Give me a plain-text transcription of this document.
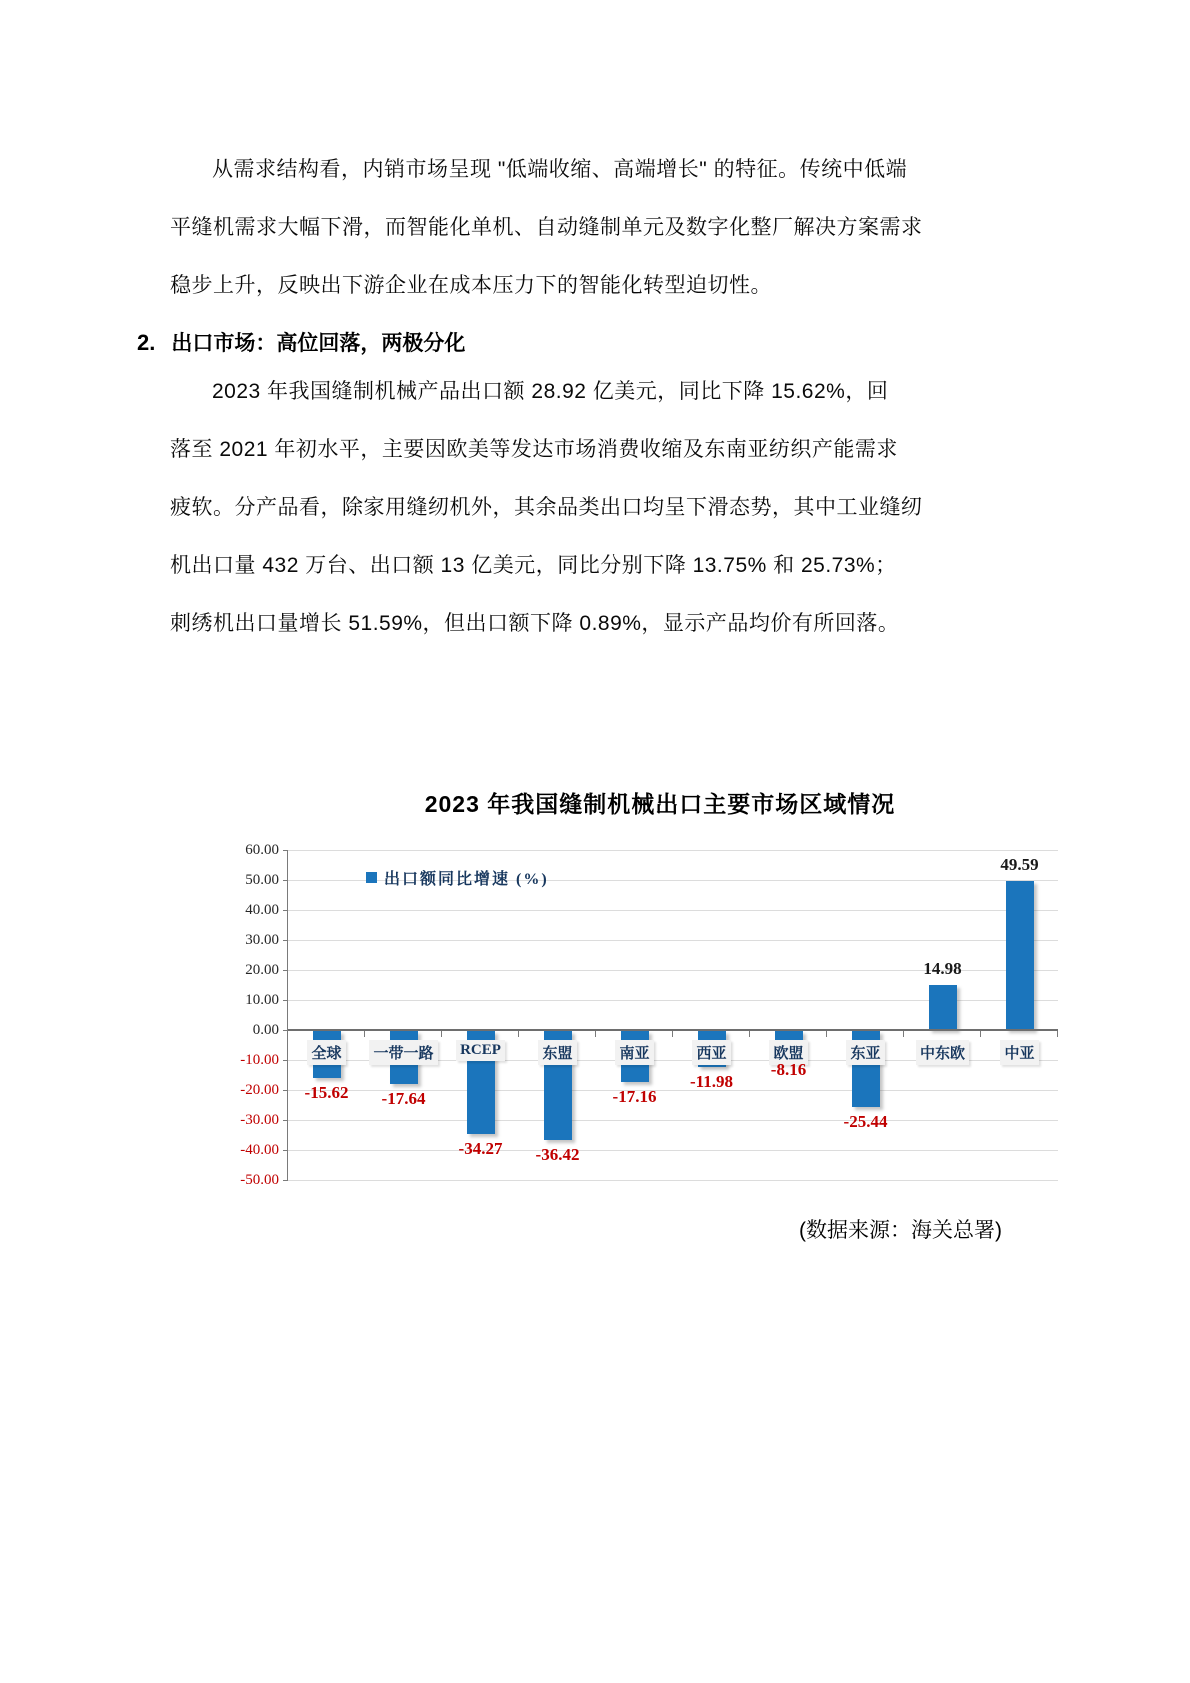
从需求结构看，内销市场呈现 "低端收缩、高端增长" 的特征。传统中低端
平缝机需求大幅下滑，而智能化单机、自动缝制单元及数字化整厂解决方案需求
稳步上升，反映出下游企业在成本压力下的智能化转型迫切性。
2. 出口市场：高位回落，两极分化
2023 年我国缝制机械产品出口额 28.92 亿美元，同比下降 15.62%，回
落至 2021 年初水平，主要因欧美等发达市场消费收缩及东南亚纺织产能需求
疲软。分产品看，除家用缝纫机外，其余品类出口均呈下滑态势，其中工业缝纫
机出口量 432 万台、出口额 13 亿美元，同比分别下降 13.75% 和 25.73%；
刺绣机出口量增长 51.59%，但出口额下降 0.89%，显示产品均价有所回落。
2023 年我国缝制机械出口主要市场区域情况
60.00
50.00
40.00
30.00
20.00
10.00
0.00
-10.00
-20.00
-30.00
-40.00
-50.00
出口额同比增速 (%)
全球
-15.62
一带一路
-17.64
RCEP
-34.27
东盟
-36.42
南亚
-17.16
西亚
-11.98
欧盟
-8.16
东亚
-25.44
中东欧
14.98
中亚
49.59
(数据来源：海关总署)
